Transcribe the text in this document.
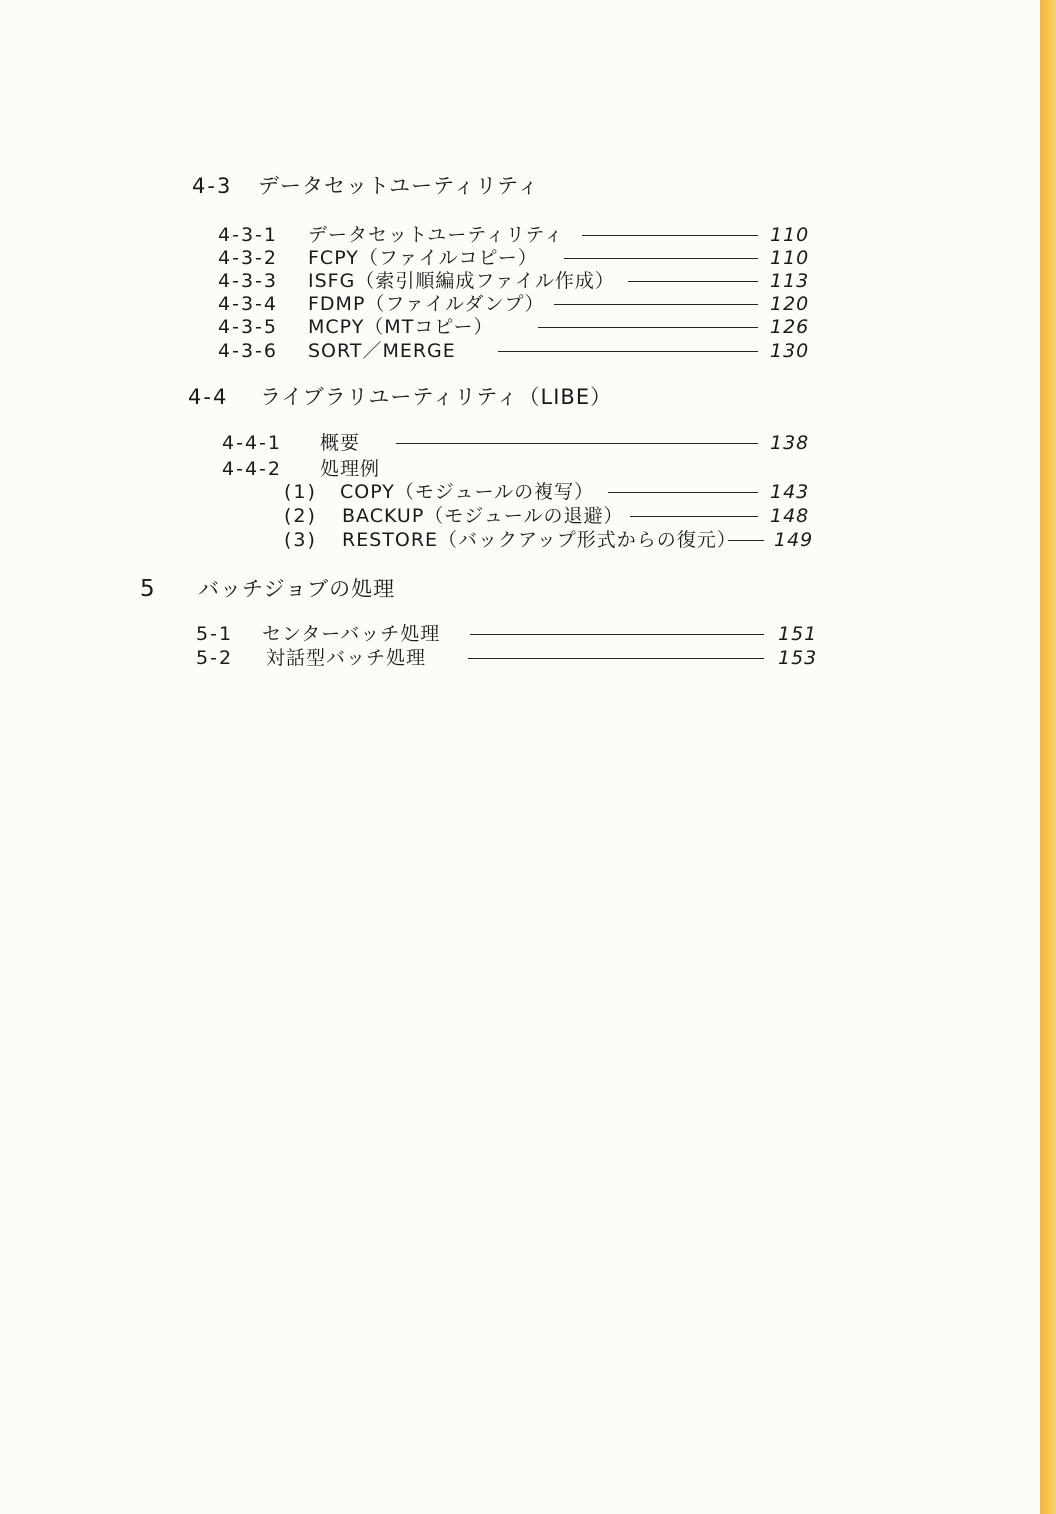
4-3 データセットユーティリティ
4-3-1 データセットユーティリティ	110
4-3-2 FCPY（ファイルコピー）	110
4-3-3 ISFG（索引順編成ファイル作成）	113
4-3-4 FDMP（ファイルダンプ）	120
4-3-5 MCPY（MTコピー）	126
4-3-6 SORT／MERGE	130
4-4 ライブラリユーティリティ（LIBE）
4-4-1 概要	138
4-4-2 処理例
(1) COPY（モジュールの複写）	143
(2) BACKUP（モジュールの退避）	148
(3) RESTORE（バックアップ形式からの復元） 149
5 バッチジョブの処理
5-1 センターバッチ処理	151
5-2 対話型バッチ処理	153
